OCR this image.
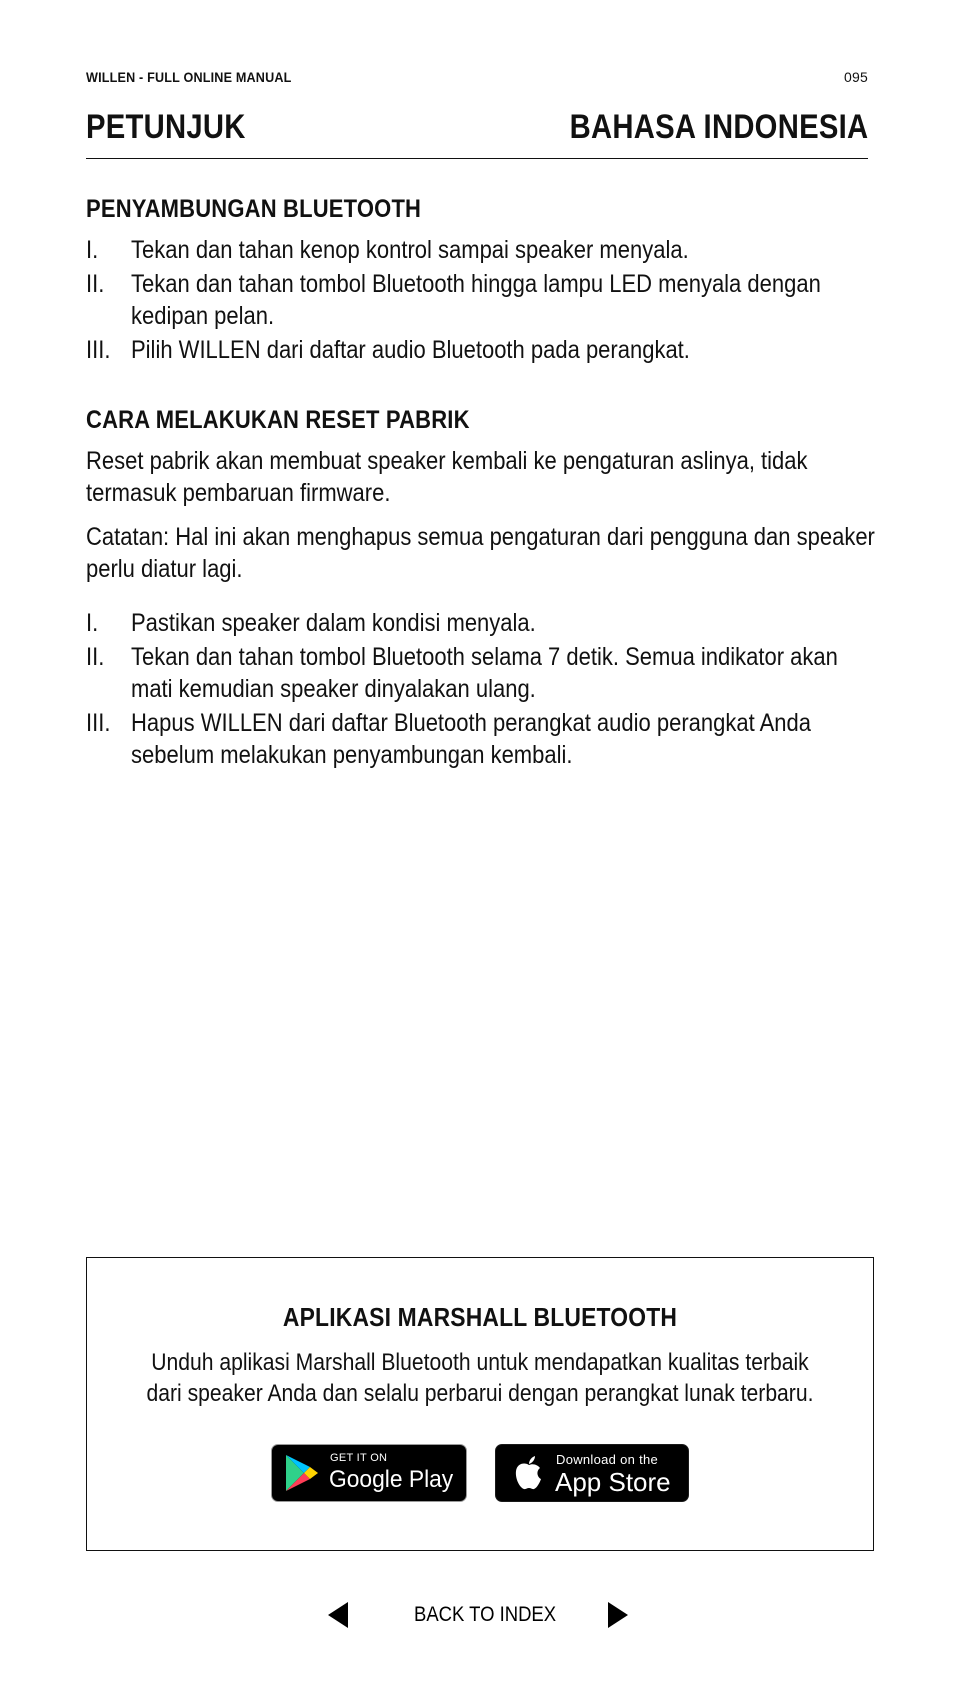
WILLEN - FULL ONLINE MANUAL	095
PETUNJUK	BAHASA INDONESIA
PENYAMBUNGAN BLUETOOTH
I. Tekan dan tahan kenop kontrol sampai speaker menyala.
II. Tekan dan tahan tombol Bluetooth hingga lampu LED menyala dengan kedipan pelan.
III. Pilih WILLEN dari daftar audio Bluetooth pada perangkat.
CARA MELAKUKAN RESET PABRIK

Reset pabrik akan membuat speaker kembali ke pengaturan aslinya, tidak termasuk pembaruan firmware.

Catatan: Hal ini akan menghapus semua pengaturan dari pengguna dan speaker perlu diatur lagi.

I. Pastikan speaker dalam kondisi menyala.
II. Tekan dan tahan tombol Bluetooth selama 7 detik. Semua indikator akan mati kemudian speaker dinyalakan ulang.
III. Hapus WILLEN dari daftar Bluetooth perangkat audio perangkat Anda sebelum melakukan penyambungan kembali.
APLIKASI MARSHALL BLUETOOTH
Unduh aplikasi Marshall Bluetooth untuk mendapatkan kualitas terbaik dari speaker Anda dan selalu perbarui dengan perangkat lunak terbaru.
GET IT ON
Google Play

Download on the
App Store
BACK TO INDEX
